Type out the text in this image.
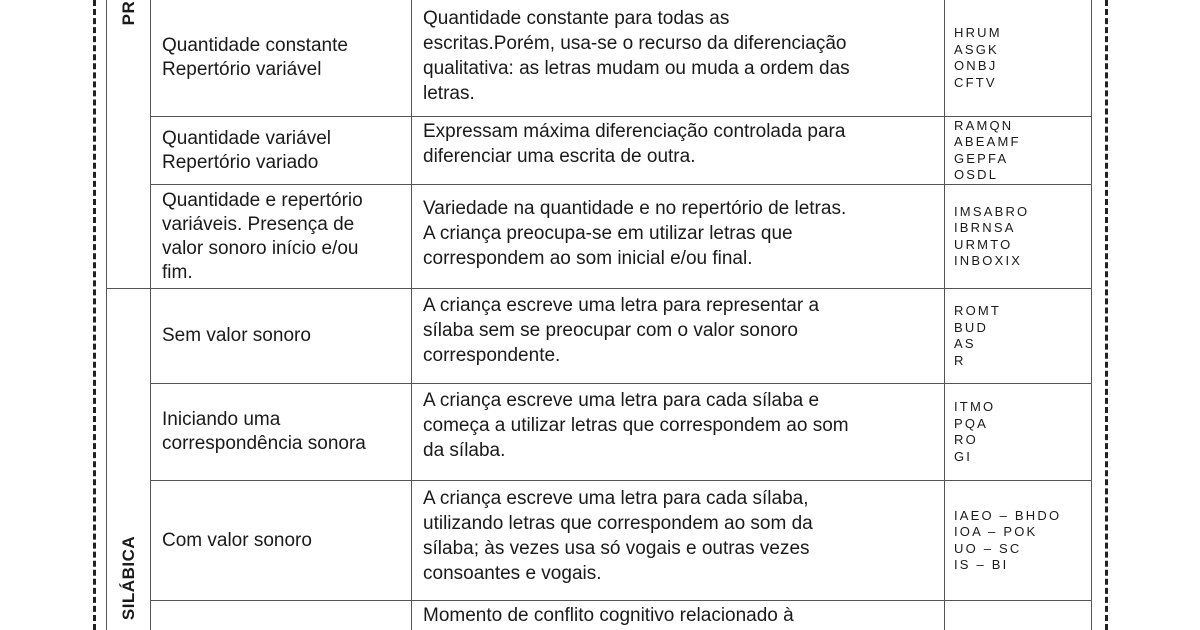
PR
SILÁBICA
Quantidade constante
Repertório variável
Quantidade constante para todas as
escritas.Porém, usa-se o recurso da diferenciação
qualitativa: as letras mudam ou muda a ordem das
letras.
HRUM
ASGK
ONBJ
CFTV
Quantidade variável
Repertório variado
Expressam máxima diferenciação controlada para
diferenciar uma escrita de outra.
RAMQN
ABEAMF
GEPFA
OSDL
Quantidade e repertório
variáveis. Presença de
valor sonoro início e/ou
fim.
Variedade na quantidade e no repertório de letras.
A criança preocupa-se em utilizar letras que
correspondem ao som inicial e/ou final.
IMSABRO
IBRNSA
URMTO
INBOXIX
Sem valor sonoro
A criança escreve uma letra para representar a
sílaba sem se preocupar com o valor sonoro
correspondente.
ROMT
BUD
AS
R
Iniciando uma
correspondência sonora
A criança escreve uma letra para cada sílaba e
começa a utilizar letras que correspondem ao som
da sílaba.
ITMO
PQA
RO
GI
Com valor sonoro
A criança escreve uma letra para cada sílaba,
utilizando letras que correspondem ao som da
sílaba; às vezes usa só vogais e outras vezes
consoantes e vogais.
IAEO – BHDO
IOA – POK
UO – SC
IS – BI
Momento de conflito cognitivo relacionado à
